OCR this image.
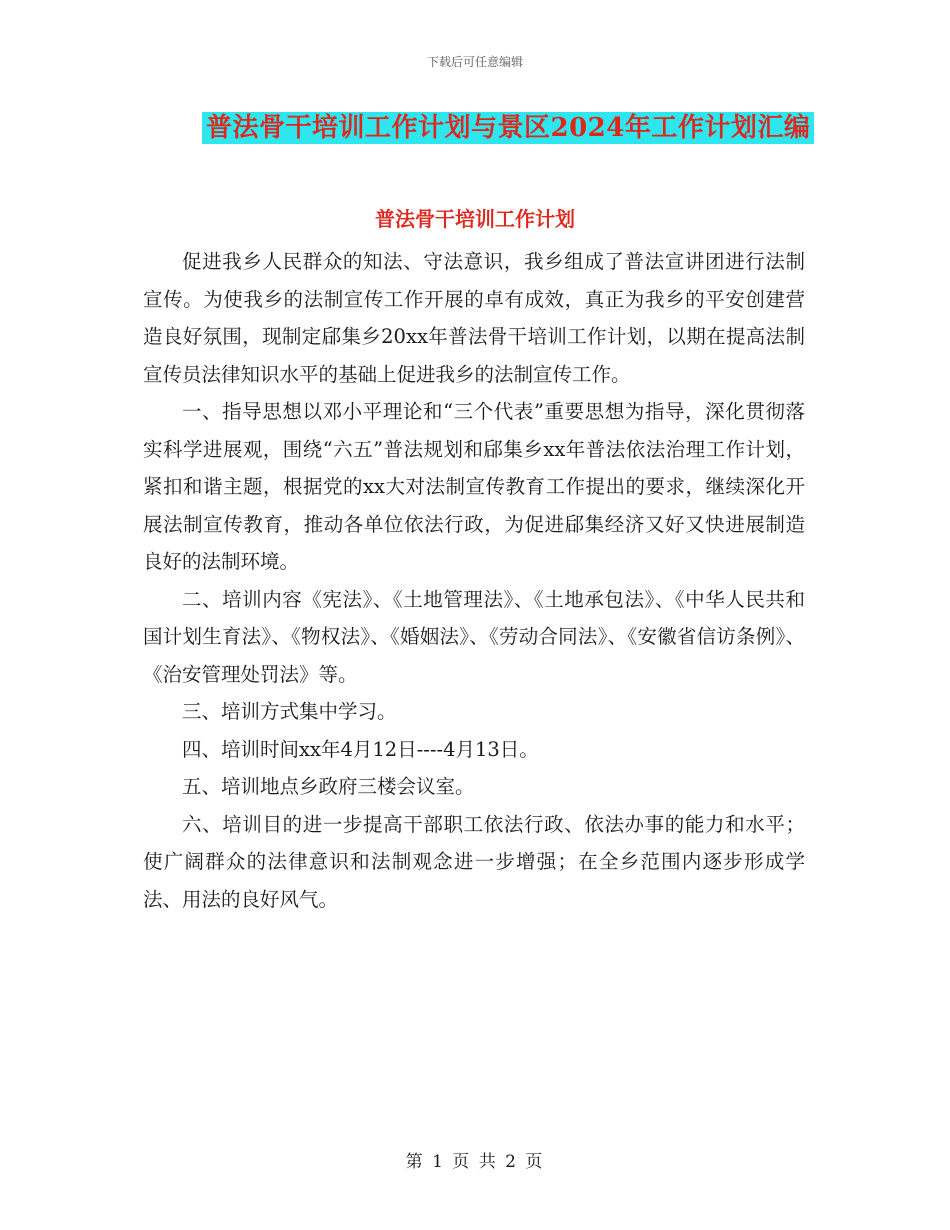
下载后可任意编辑
普法骨干培训工作计划与景区2024年工作计划汇编
普法骨干培训工作计划

促进我乡人民群众的知法、守法意识，我乡组成了普法宣讲团进行法制宣传。为使我乡的法制宣传工作开展的卓有成效，真正为我乡的平安创建营造良好氛围，现制定郈集乡20xx年普法骨干培训工作计划，以期在提高法制宣传员法律知识水平的基础上促进我乡的法制宣传工作。

一、指导思想以邓小平理论和“三个代表”重要思想为指导，深化贯彻落实科学进展观，围绕“六五”普法规划和郈集乡xx年普法依法治理工作计划，紧扣和谐主题，根据党的xx大对法制宣传教育工作提出的要求，继续深化开展法制宣传教育，推动各单位依法行政，为促进郈集经济又好又快进展制造良好的法制环境。

二、培训内容《宪法》、《土地管理法》、《土地承包法》、《中华人民共和国计划生育法》、《物权法》、《婚姻法》、《劳动合同法》、《安徽省信访条例》、《治安管理处罚法》等。

三、培训方式集中学习。

四、培训时间xx年4月12日----4月13日。

五、培训地点乡政府三楼会议室。

六、培训目的进一步提高干部职工依法行政、依法办事的能力和水平；使广阔群众的法律意识和法制观念进一步增强；在全乡范围内逐步形成学法、用法的良好风气。

第 1 页 共 2 页
